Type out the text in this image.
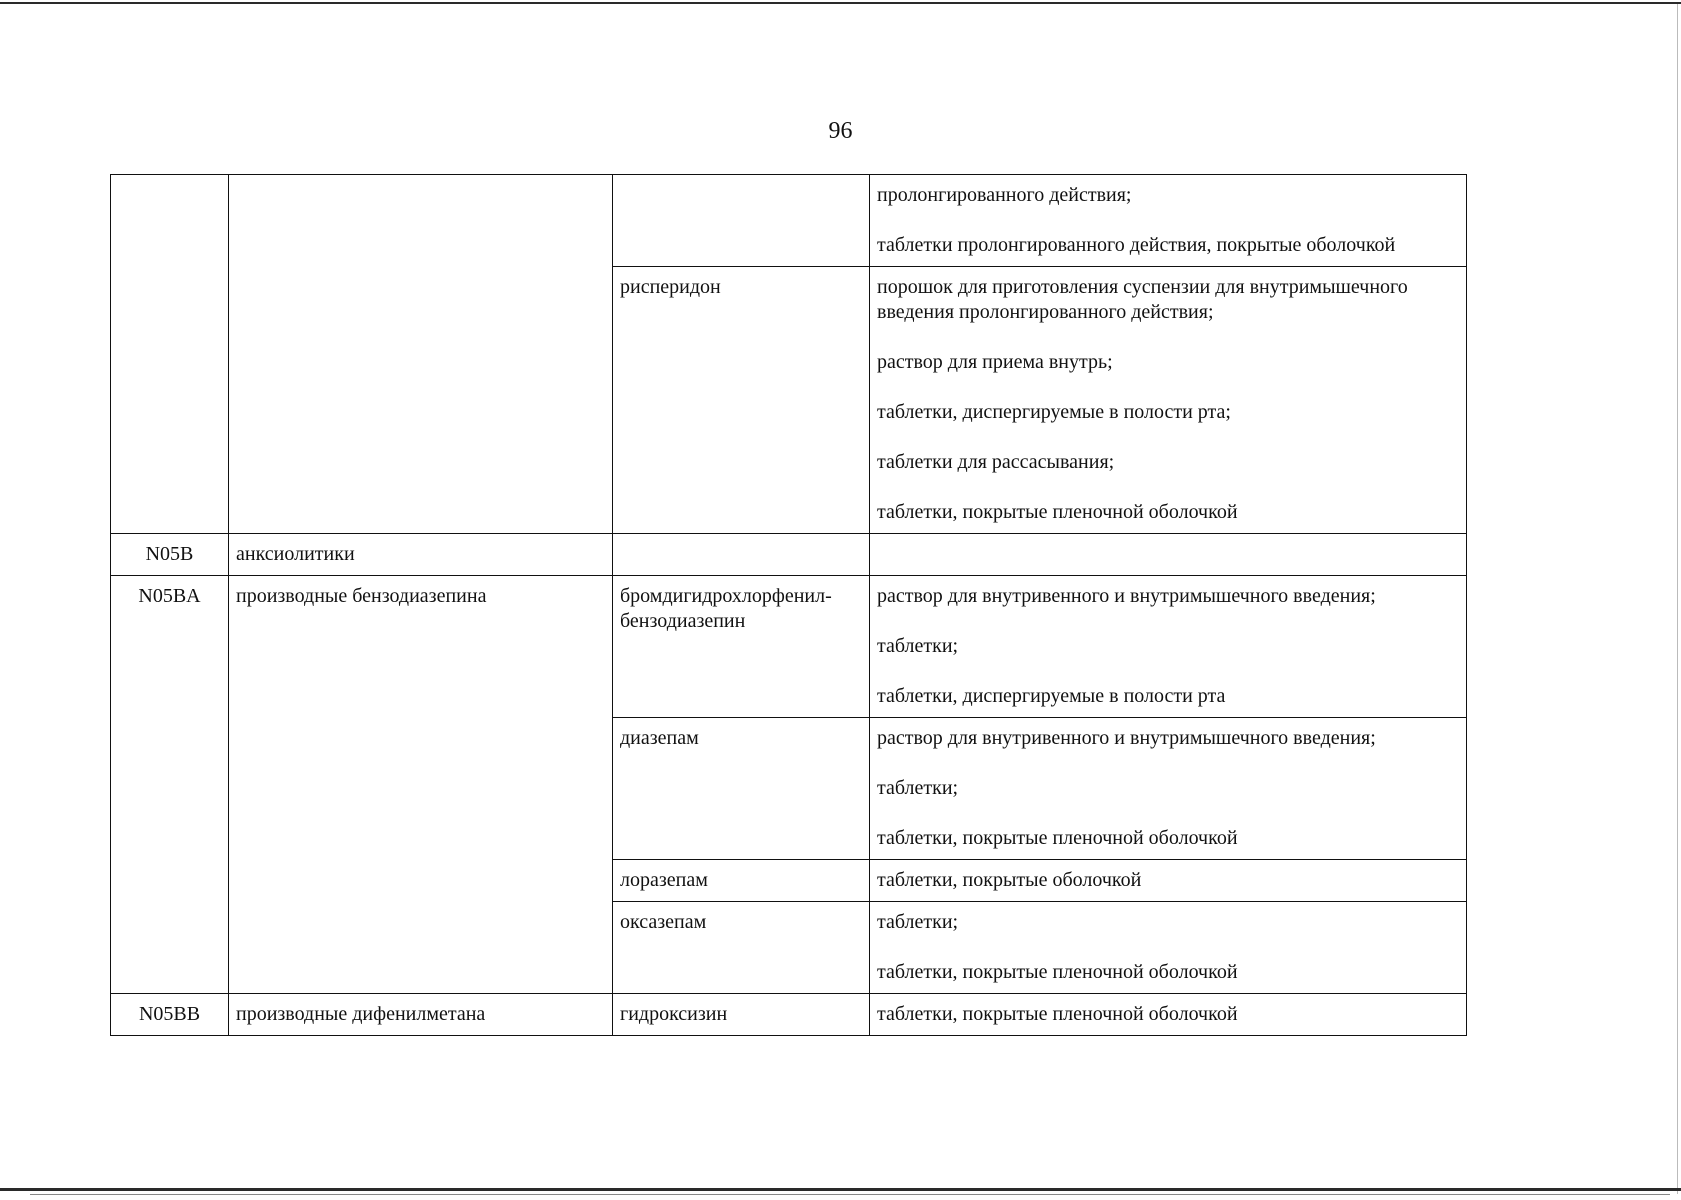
96

			пролонгированного действия;
таблетки пролонгированного действия, покрытые оболочкой

		рисперидон	порошок для приготовления суспензии для внутримышечного введения пролонгированного действия;
раствор для приема внутрь;
таблетки, диспергируемые в полости рта;
таблетки для рассасывания;
таблетки, покрытые пленочной оболочкой

N05B	анксиолитики		
N05BA	производные бензодиазепина	бромдигидрохлорфенил-бензодиазепин	раствор для внутривенного и внутримышечного введения;
таблетки;
таблетки, диспергируемые в полости рта

		диазепам	раствор для внутривенного и внутримышечного введения;
таблетки;
таблетки, покрытые пленочной оболочкой

		лоразепам	таблетки, покрытые оболочкой

		оксазепам	таблетки;
таблетки, покрытые пленочной оболочкой

N05BB	производные дифенилметана	гидроксизин	таблетки, покрытые пленочной оболочкой
